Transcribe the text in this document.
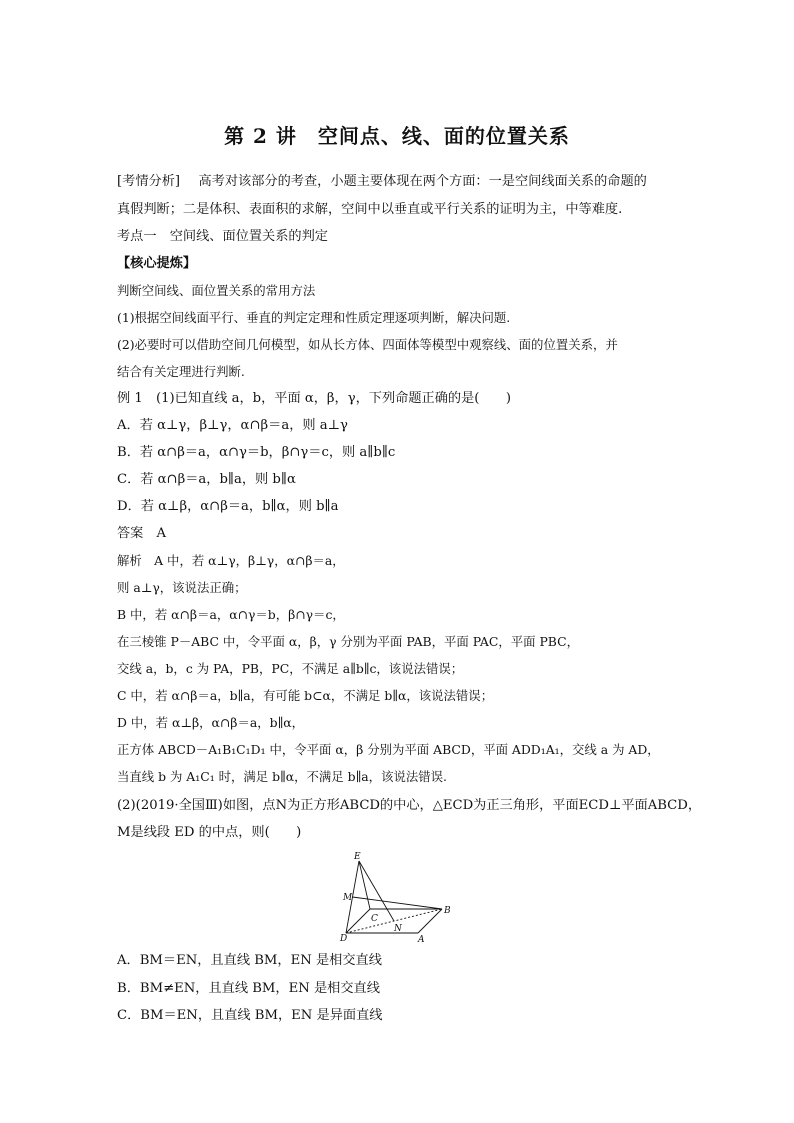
第 2 讲　空间点、线、面的位置关系
[考情分析] 高考对该部分的考查，小题主要体现在两个方面：一是空间线面关系的命题的
真假判断；二是体积、表面积的求解，空间中以垂直或平行关系的证明为主，中等难度.
考点一　空间线、面位置关系的判定
【核心提炼】
判断空间线、面位置关系的常用方法
(1)根据空间线面平行、垂直的判定定理和性质定理逐项判断，解决问题.
(2)必要时可以借助空间几何模型，如从长方体、四面体等模型中观察线、面的位置关系，并
结合有关定理进行判断.
例 1　(1)已知直线 a，b，平面 α，β，γ，下列命题正确的是(　　)
A．若 α⊥γ，β⊥γ，α∩β＝a，则 a⊥γ
B．若 α∩β＝a，α∩γ＝b，β∩γ＝c，则 a∥b∥c
C．若 α∩β＝a，b∥a，则 b∥α
D．若 α⊥β，α∩β＝a，b∥α，则 b∥a
答案　A
解析　A 中，若 α⊥γ，β⊥γ，α∩β＝a，
则 a⊥γ，该说法正确；
B 中，若 α∩β＝a，α∩γ＝b，β∩γ＝c，
在三棱锥 P－ABC 中，令平面 α，β，γ 分别为平面 PAB，平面 PAC，平面 PBC，
交线 a，b，c 为 PA，PB，PC，不满足 a∥b∥c，该说法错误；
C 中，若 α∩β＝a，b∥a，有可能 b⊂α，不满足 b∥α，该说法错误；
D 中，若 α⊥β，α∩β＝a，b∥α，
正方体 ABCD－A₁B₁C₁D₁ 中，令平面 α，β 分别为平面 ABCD，平面 ADD₁A₁，交线 a 为 AD，
当直线 b 为 A₁C₁ 时，满足 b∥α，不满足 b∥a，该说法错误.
(2)(2019·全国Ⅲ)如图，点N为正方形ABCD的中心，△ECD为正三角形，平面ECD⊥平面ABCD，
M是线段 ED 的中点，则(　　)
E
M
C
N
B
D	A
A．BM＝EN，且直线 BM，EN 是相交直线
B．BM≠EN，且直线 BM，EN 是相交直线
C．BM＝EN，且直线 BM，EN 是异面直线
